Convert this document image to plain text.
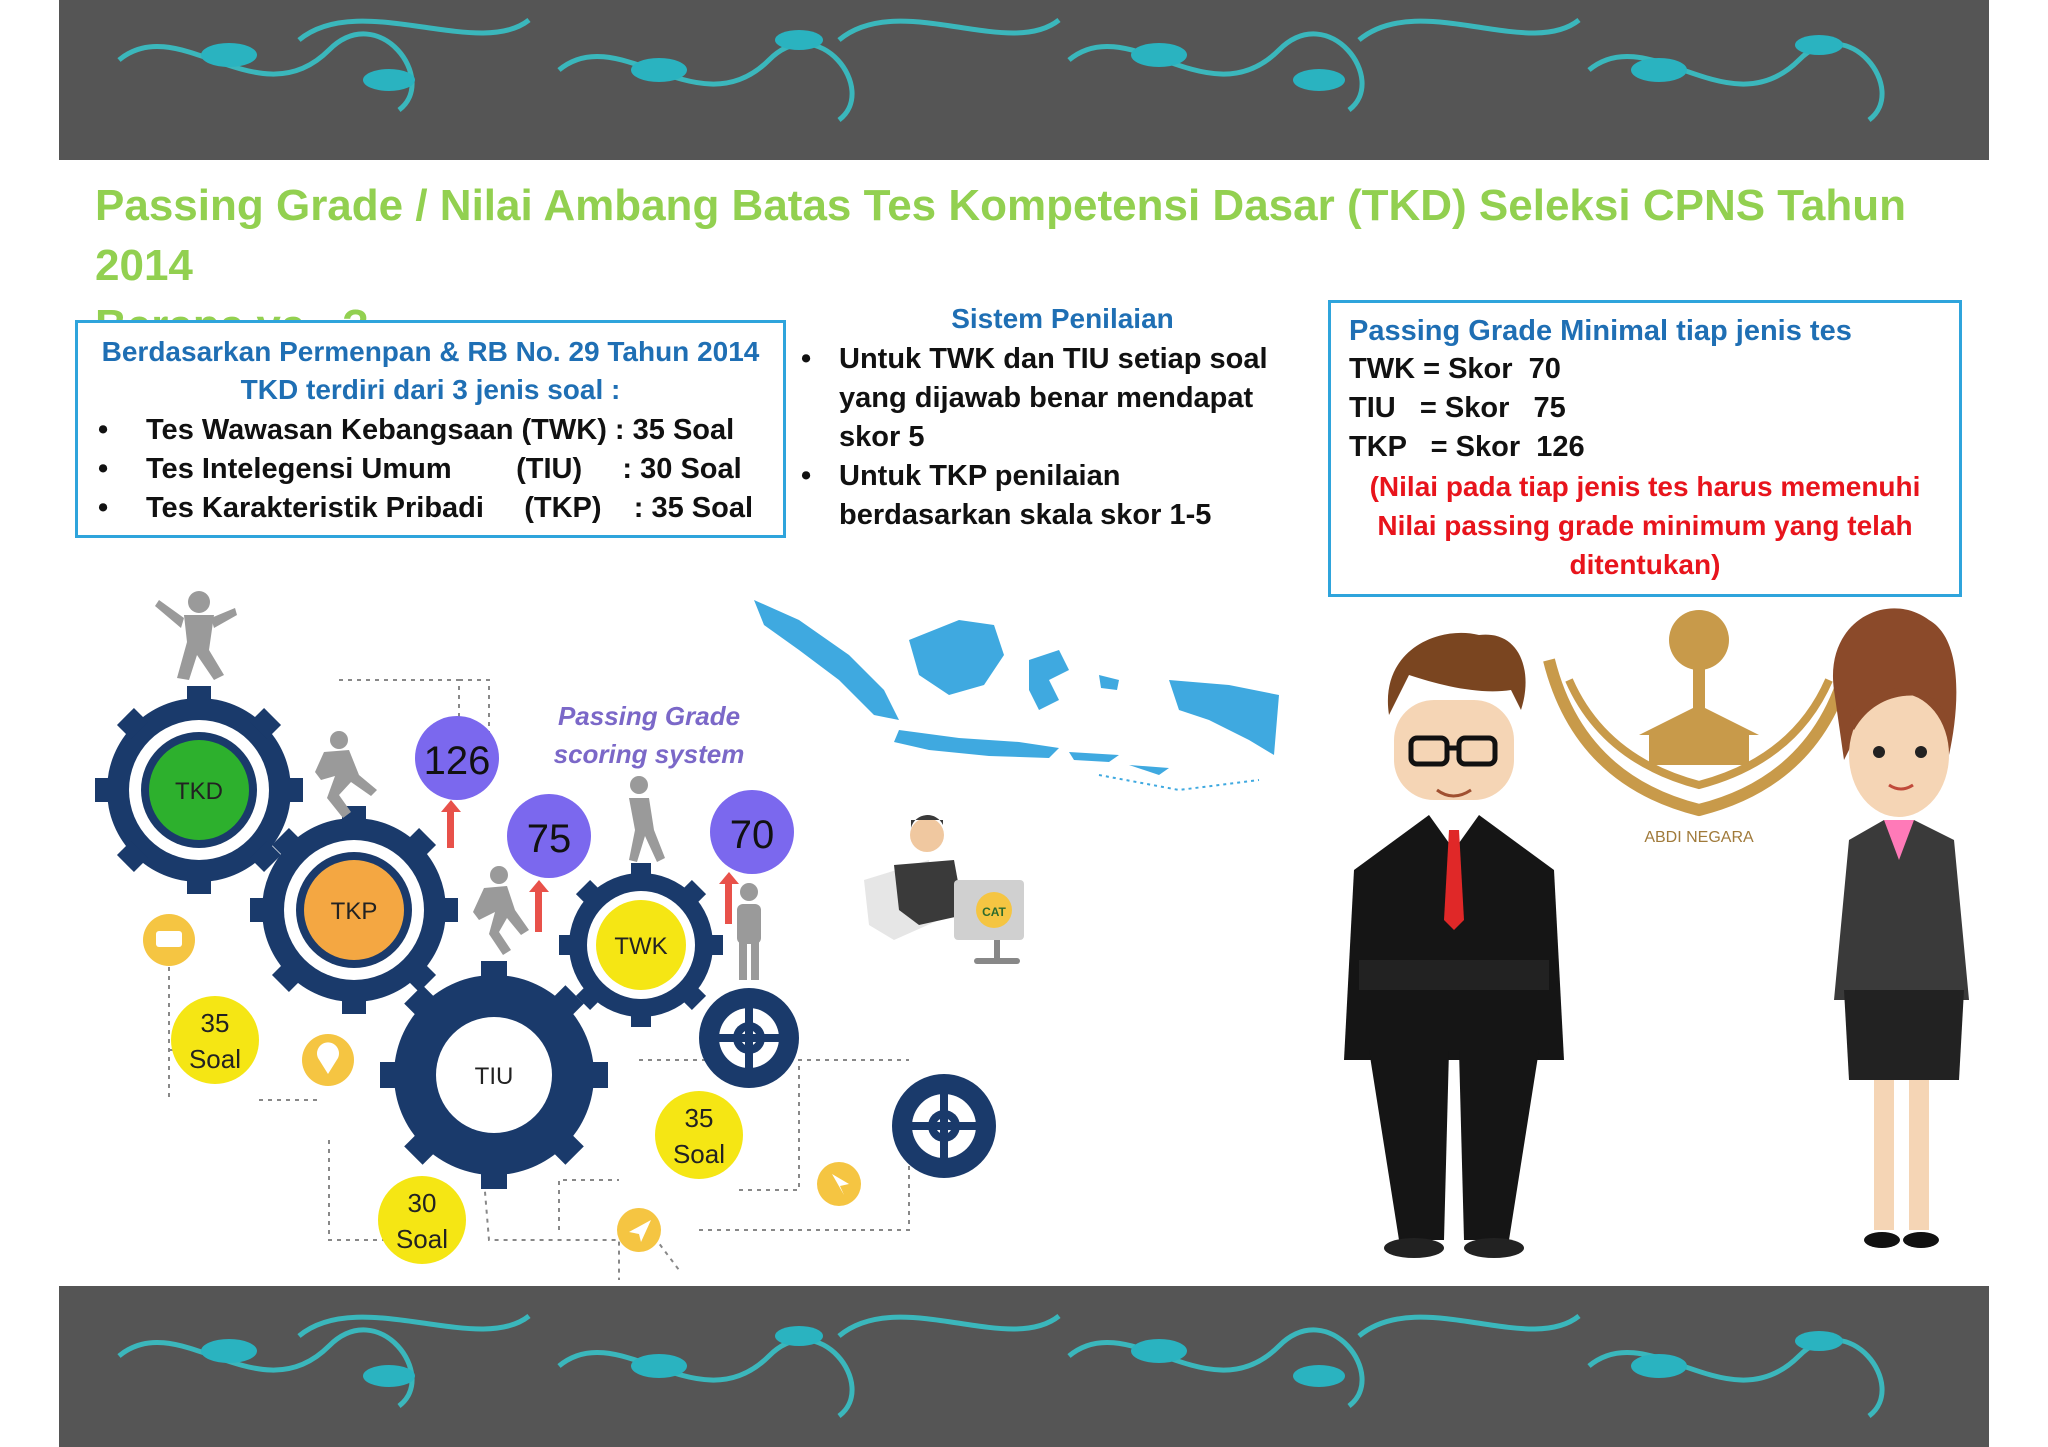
Passing Grade / Nilai Ambang Batas Tes Kompetensi Dasar (TKD) Seleksi CPNS Tahun 2014
Berdasarkan Permenpan & RB No. 29 Tahun 2014
TKD terdiri dari 3 jenis soal :
• Tes Wawasan Kebangsaan (TWK) : 35 Soal
• Tes Intelegensi Umum        (TIU)     : 30 Soal
• Tes Karakteristik Pribadi     (TKP)    : 35 Soal
Sistem Penilaian
• Untuk TWK dan TIU setiap soal yang dijawab benar mendapat skor 5
• Untuk TKP penilaian berdasarkan skala skor 1-5
Passing Grade Minimal tiap jenis tes
TWK = Skor  70
TIU   = Skor   75
TKP   = Skor  126
(Nilai pada tiap jenis tes harus memenuhi Nilai passing grade minimum yang telah ditentukan)
TKD
TKP
TIU
TWK
126
75	70
Passing Grade
scoring system
35
Soal
35
Soal
30
Soal
CAT
ABDI NEGARA
